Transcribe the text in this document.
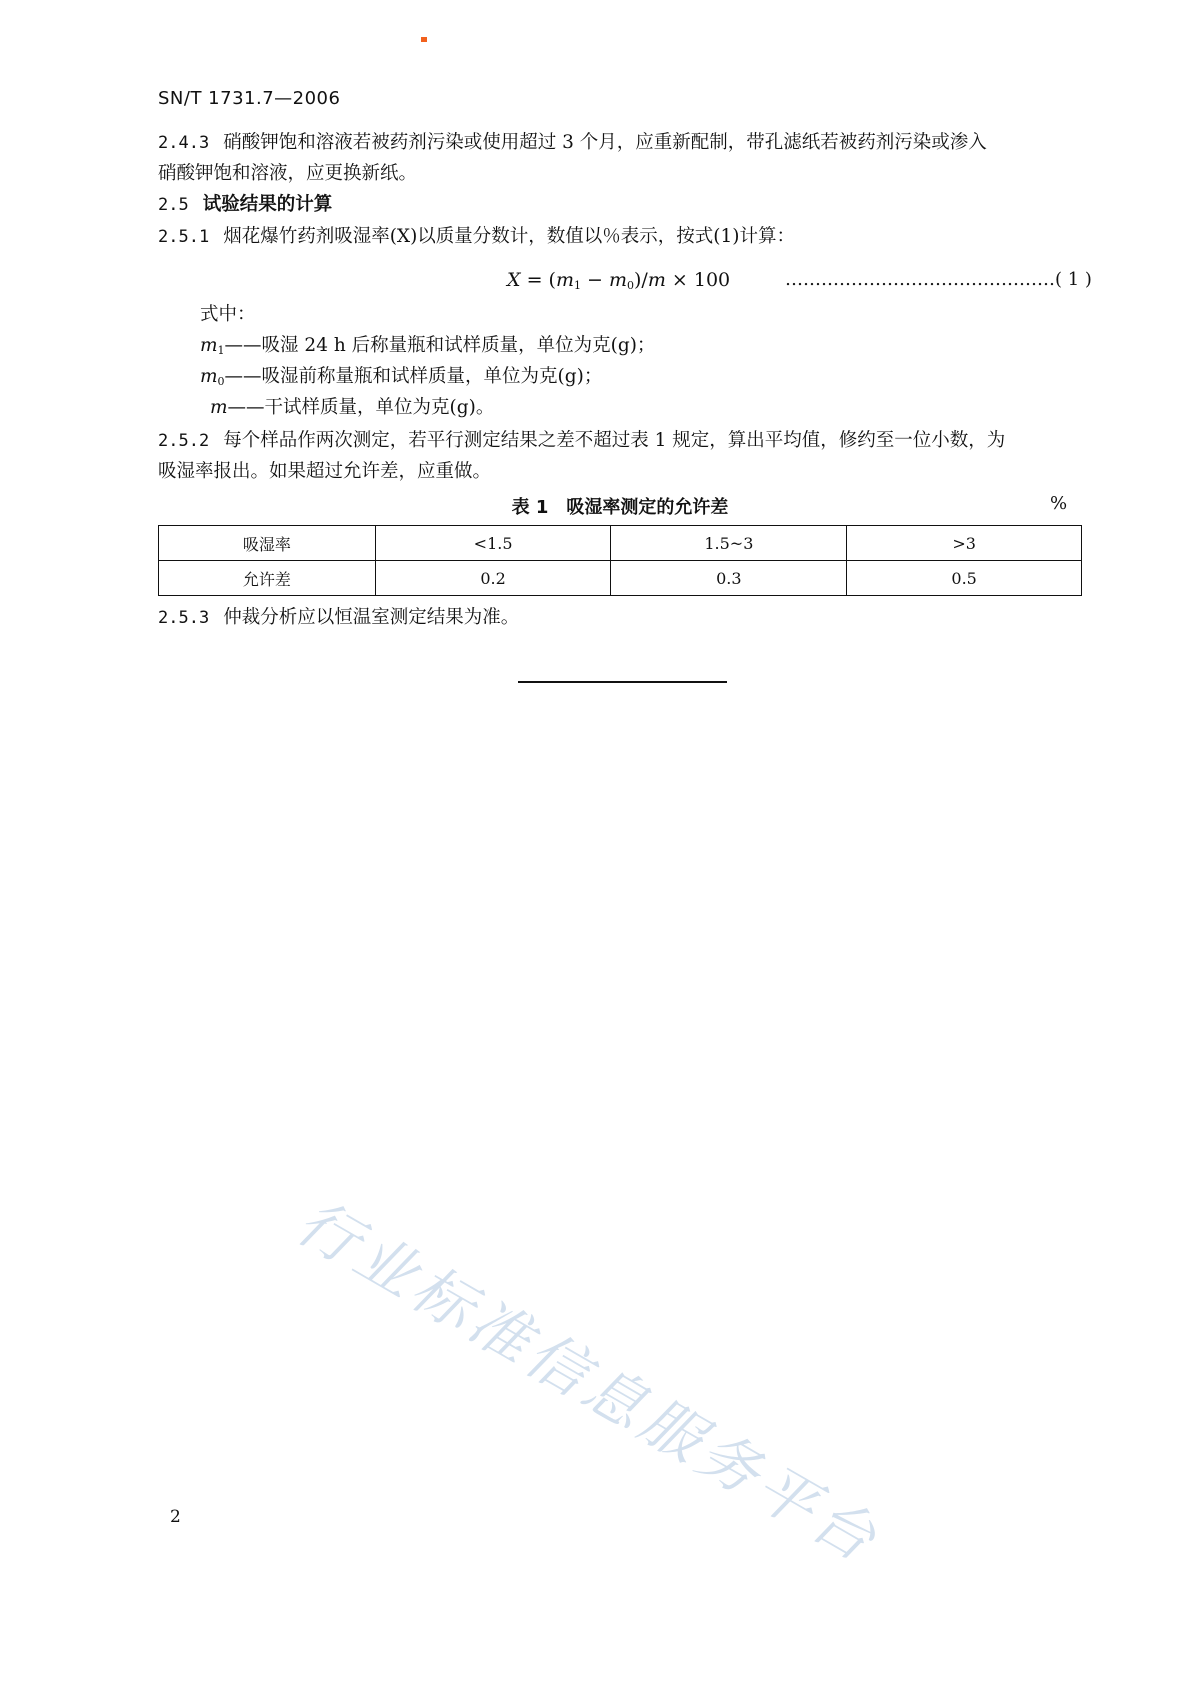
SN/T 1731.7—2006
2.4.3 硝酸钾饱和溶液若被药剂污染或使用超过 3 个月，应重新配制，带孔滤纸若被药剂污染或渗入
硝酸钾饱和溶液，应更换新纸。
2.5 试验结果的计算
2.5.1 烟花爆竹药剂吸湿率(X)以质量分数计，数值以％表示，按式(1)计算：
$X = (m_1 - m_0)/m \times 100$	………………………………………( 1 )
式中：
$m_1——$吸湿 24 h 后称量瓶和试样质量，单位为克(g)；
$m_0——$吸湿前称量瓶和试样质量，单位为克(g)；
m——干试样质量，单位为克(g)。
2.5.2 每个样品作两次测定，若平行测定结果之差不超过表 1 规定，算出平均值，修约至一位小数，为
吸湿率报出。如果超过允许差，应重做。
表 1　吸湿率测定的允许差	%
吸湿率	<1.5	1.5~3	>3
允许差	0.2	0.3	0.5
2.5.3 仲裁分析应以恒温室测定结果为准。
行业标准信息服务平台
2
